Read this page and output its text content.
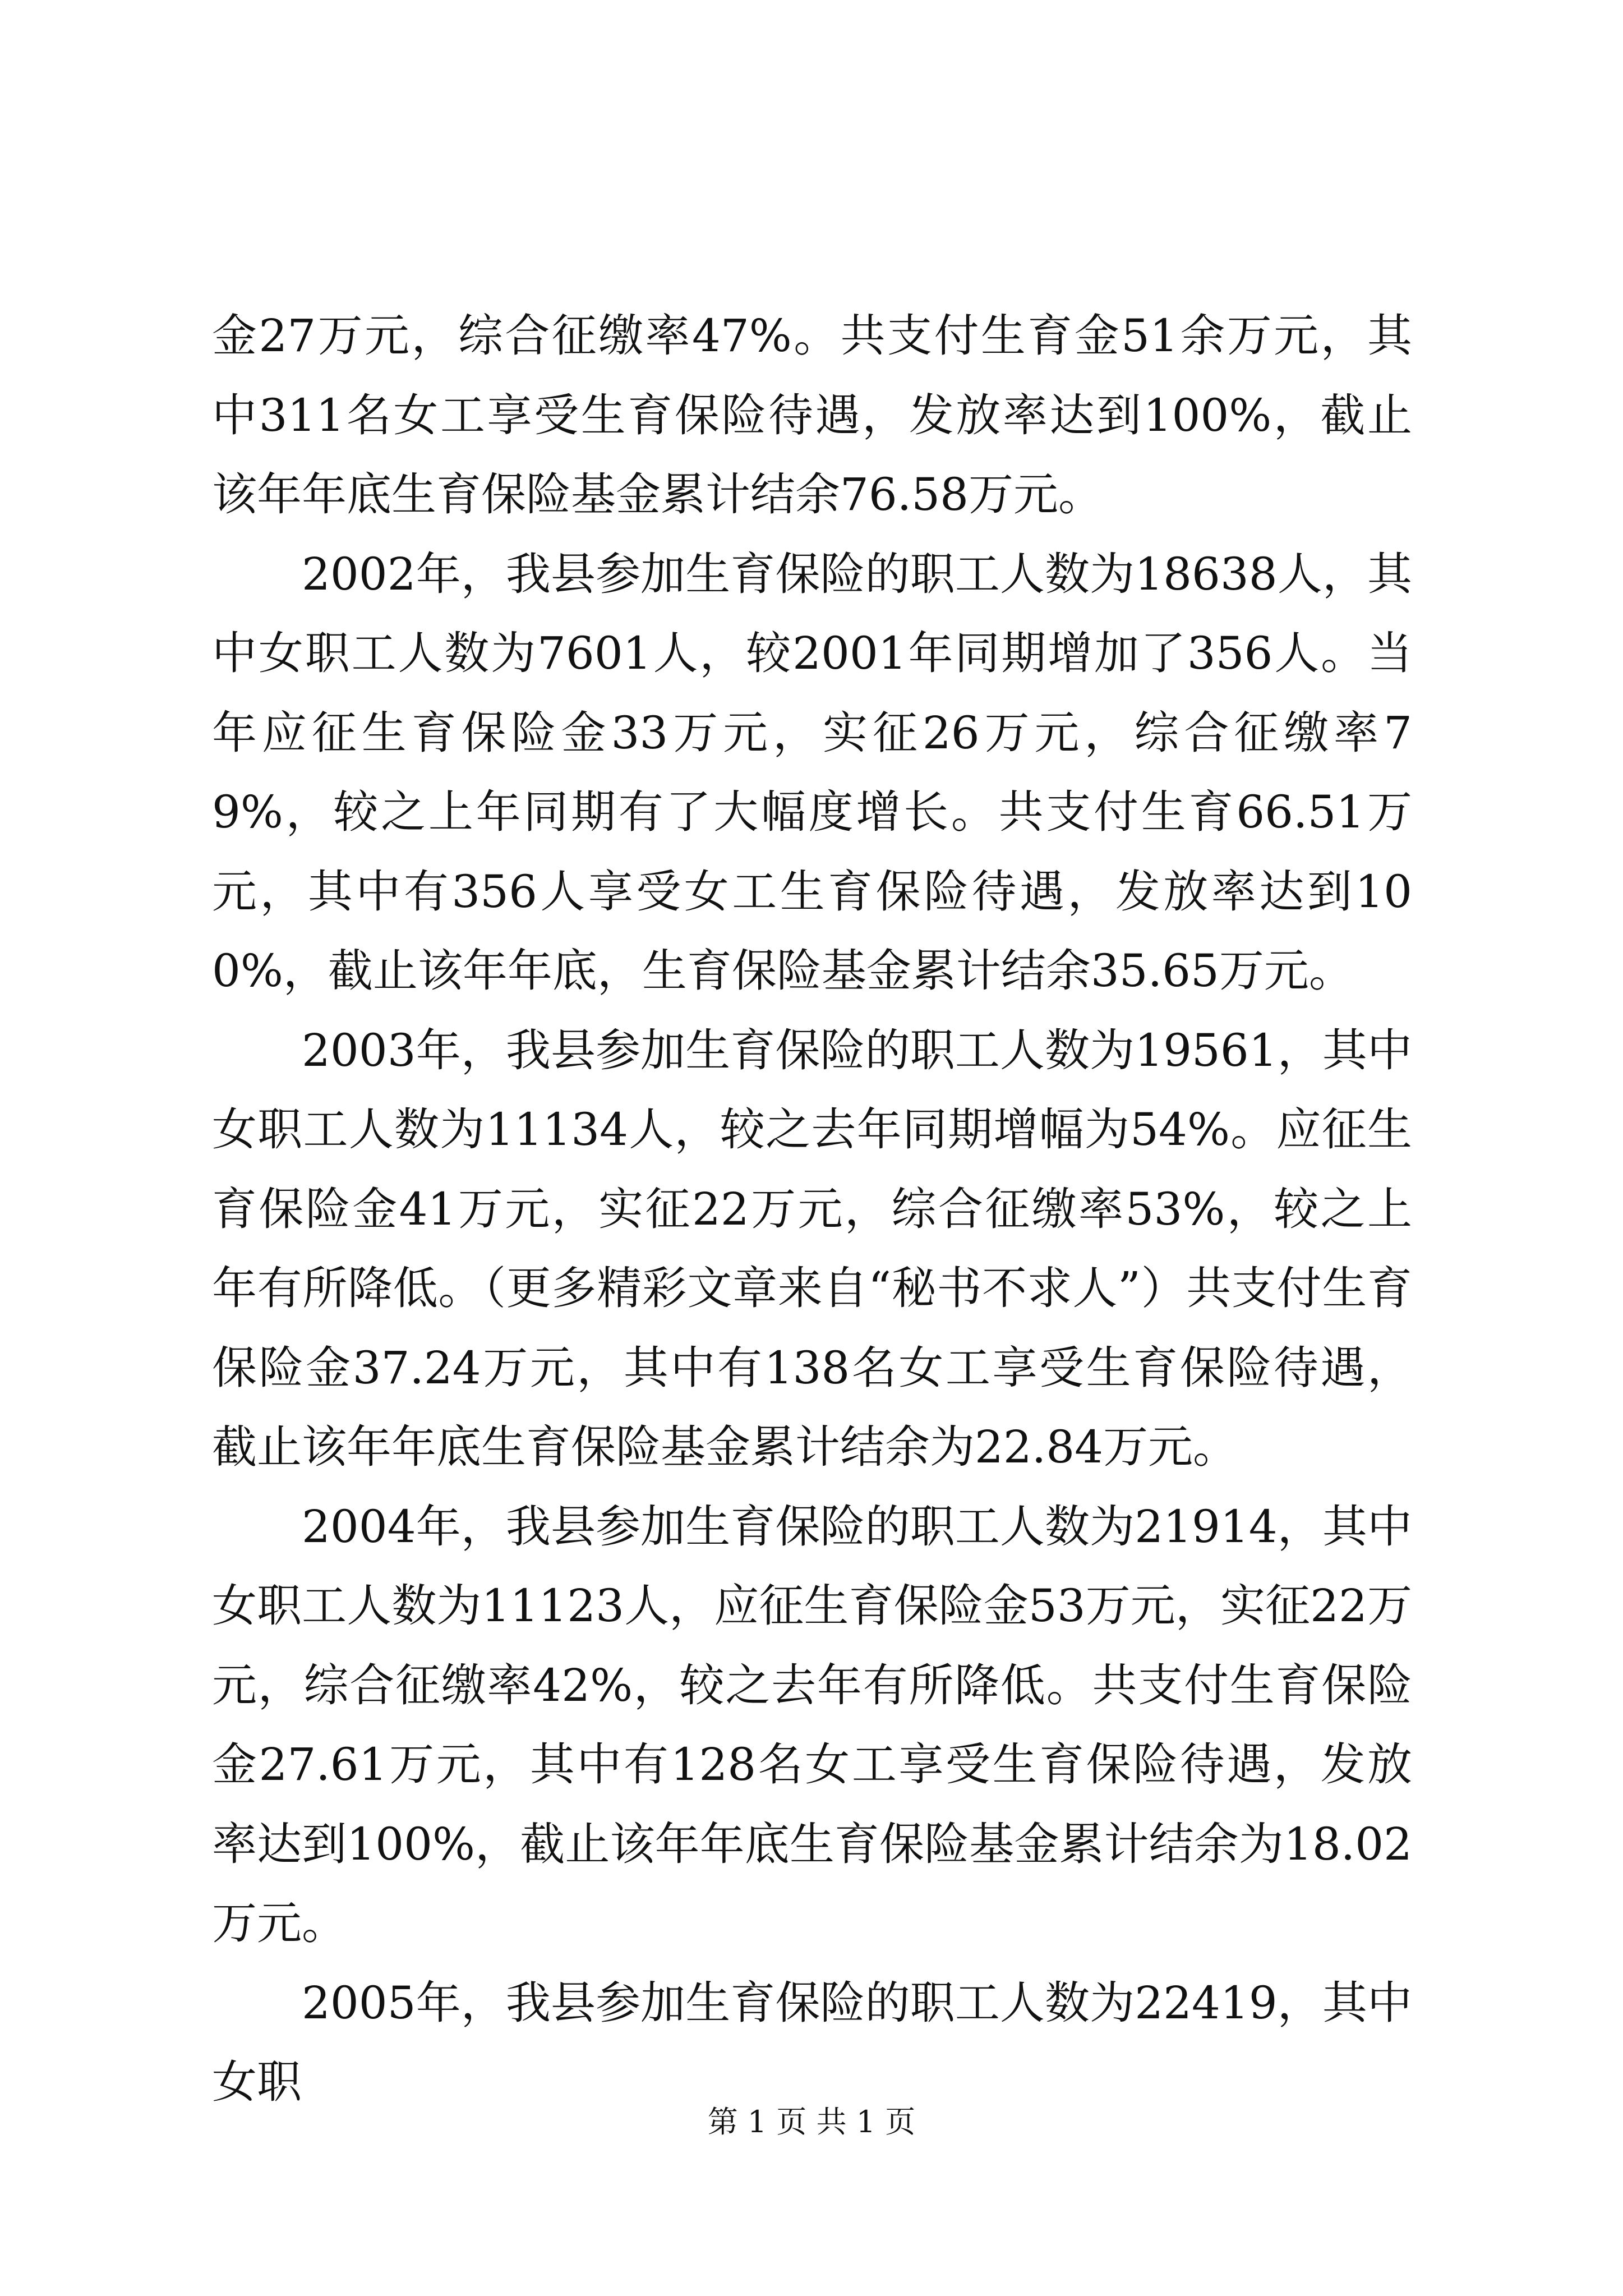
金27万元，综合征缴率47%。共支付生育金51余万元，其中311名女工享受生育保险待遇，发放率达到100%，截止该年年底生育保险基金累计结余76.58万元。

2002年，我县参加生育保险的职工人数为18638人，其中女职工人数为7601人，较2001年同期增加了356人。当年应征生育保险金33万元，实征26万元，综合征缴率79%，较之上年同期有了大幅度增长。共支付生育66.51万元，其中有356人享受女工生育保险待遇，发放率达到100%，截止该年年底，生育保险基金累计结余35.65万元。

2003年，我县参加生育保险的职工人数为19561，其中女职工人数为11134人，较之去年同期增幅为54%。应征生育保险金41万元，实征22万元，综合征缴率53%，较之上年有所降低。（更多精彩文章来自“秘书不求人”）共支付生育保险金37.24万元，其中有138名女工享受生育保险待遇，截止该年年底生育保险基金累计结余为22.84万元。

2004年，我县参加生育保险的职工人数为21914，其中女职工人数为11123人，应征生育保险金53万元，实征22万元，综合征缴率42%，较之去年有所降低。共支付生育保险金27.61万元，其中有128名女工享受生育保险待遇，发放率达到100%，截止该年年底生育保险基金累计结余为18.02万元。

2005年，我县参加生育保险的职工人数为22419，其中女职

第 1 页 共 1 页
